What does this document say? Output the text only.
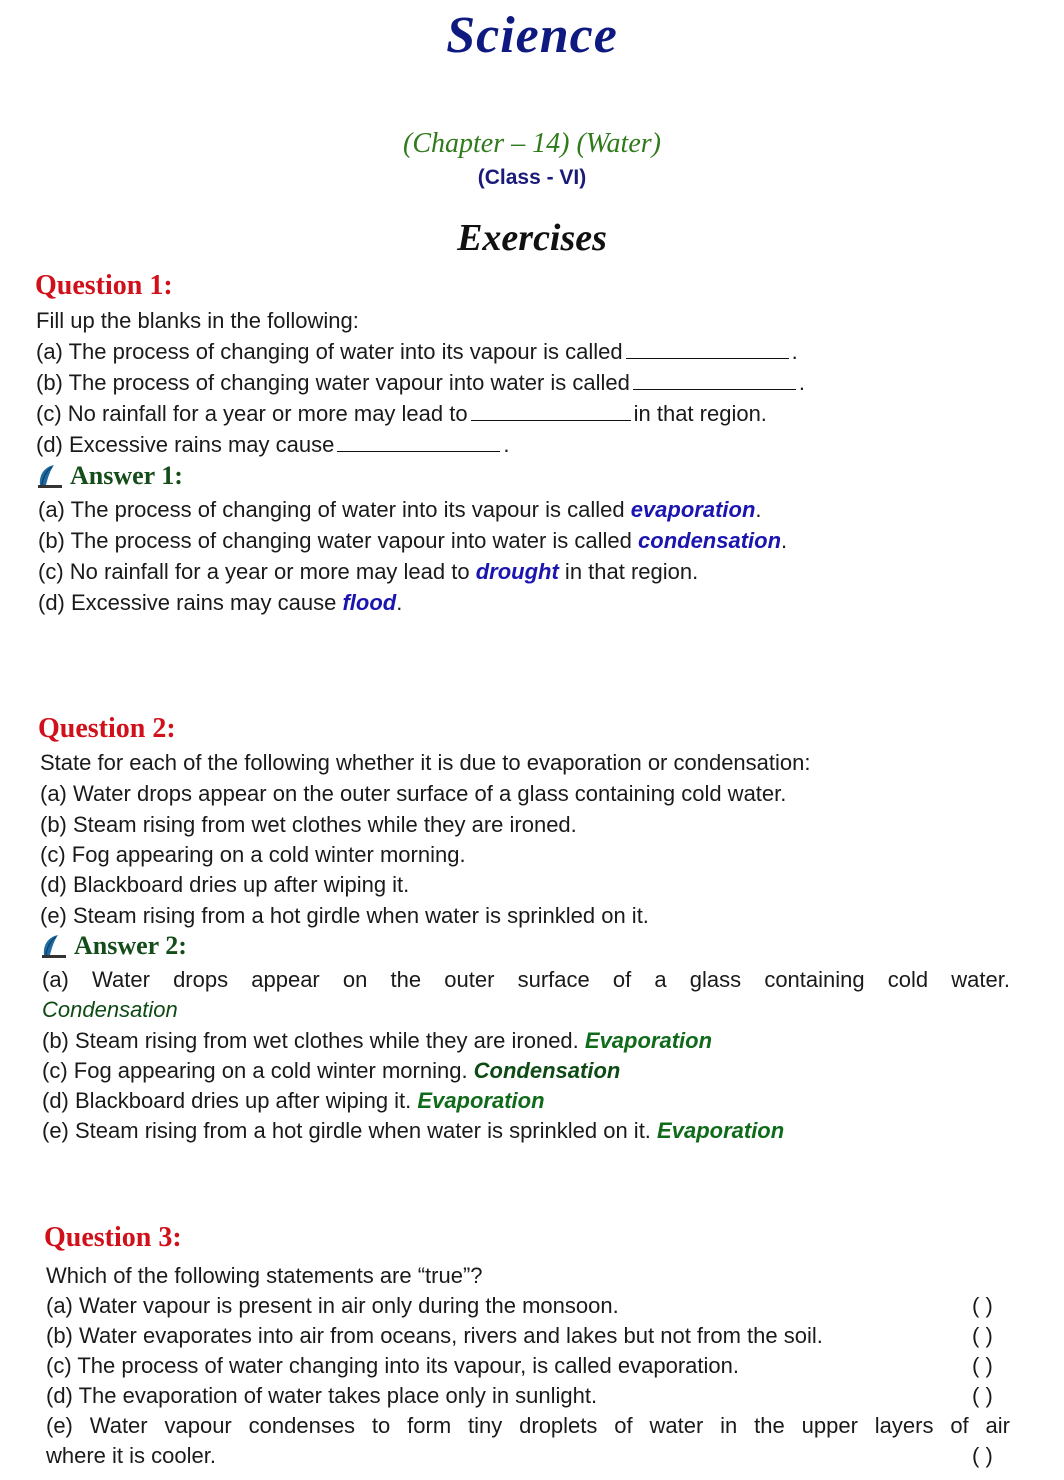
Science
(Chapter – 14) (Water)
(Class - VI)
Exercises
Question 1:
Fill up the blanks in the following:
(a) The process of changing of water into its vapour is called	.
(b) The process of changing water vapour into water is called	.
(c) No rainfall for a year or more may lead to	in that region.
(d) Excessive rains may cause	.
Answer 1:
(a) The process of changing of water into its vapour is called evaporation.
(b) The process of changing water vapour into water is called condensation.
(c) No rainfall for a year or more may lead to drought in that region.
(d) Excessive rains may cause flood.
Question 2:
State for each of the following whether it is due to evaporation or condensation:
(a) Water drops appear on the outer surface of a glass containing cold water.
(b) Steam rising from wet clothes while they are ironed.
(c) Fog appearing on a cold winter morning.
(d) Blackboard dries up after wiping it.
(e) Steam rising from a hot girdle when water is sprinkled on it.
Answer 2:
(a) Water drops appear on the outer surface of a glass containing cold water.
Condensation
(b) Steam rising from wet clothes while they are ironed. Evaporation
(c) Fog appearing on a cold winter morning. Condensation
(d) Blackboard dries up after wiping it. Evaporation
(e) Steam rising from a hot girdle when water is sprinkled on it. Evaporation
Question 3:
Which of the following statements are “true”?
(a) Water vapour is present in air only during the monsoon.	( )
(b) Water evaporates into air from oceans, rivers and lakes but not from the soil.	( )
(c) The process of water changing into its vapour, is called evaporation.	( )
(d) The evaporation of water takes place only in sunlight.	( )
(e) Water vapour condenses to form tiny droplets of water in the upper layers of air
where it is cooler.	( )
